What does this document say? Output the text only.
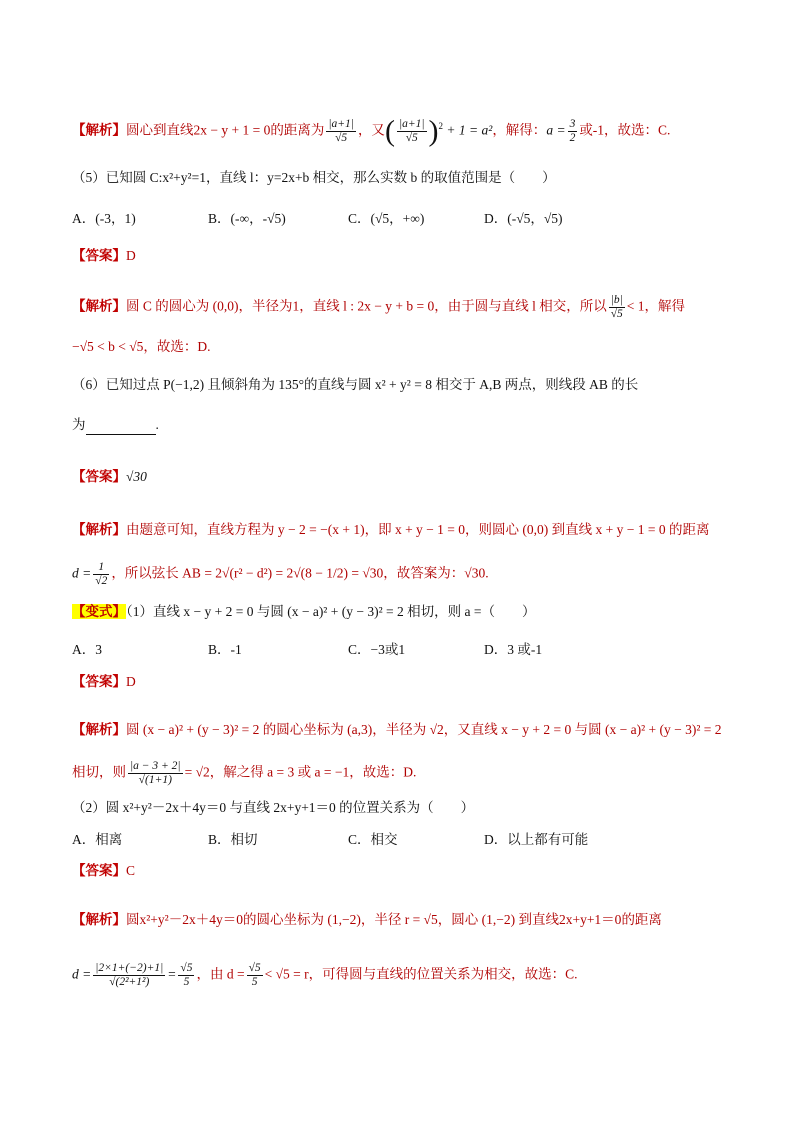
【解析】圆心到直线2x − y + 1 = 0的距离为 $\frac{|a+1|}{√5}$ ，又( $\frac{|a+1|}{√5} )^2 + 1 = a^2$，解得：$a = \frac{3}{2}$ 或-1，故选：C.
（5）已知圆 C:x²+y²=1，直线 l：y=2x+b 相交，那么实数 b 的取值范围是（　　）
A．(-3，1)	B．(-∞，-√5)	C．(√5，+∞)	D．(-√5，√5)
【答案】D
【解析】圆 C 的圆心为 (0,0)，半径为1，直线 l : 2x − y + b = 0，由于圆与直线 l 相交，所以 $\frac{|b|}{√5} < 1$，解得
−√5 < b < √5，故选：D.
（6）已知过点 P(−1,2) 且倾斜角为 135°的直线与圆 x² + y² = 8 相交于 A,B 两点，则线段 AB 的长
为	.
【答案】√30
【解析】由题意可知，直线方程为 y − 2 = −(x + 1)，即 x + y − 1 = 0，则圆心 (0,0) 到直线 x + y − 1 = 0 的距离
$d = \frac{1}{√2}$ ，所以弦长 AB = 2√(r² − d²) = 2√(8 − 1/2) = √30，故答案为：√30.
【变式】（1）直线 x − y + 2 = 0 与圆 (x − a)² + (y − 3)² = 2 相切，则 a =（　　）
A．3	B．-1	C．−3或1	D．3 或-1
【答案】D
【解析】圆 (x − a)² + (y − 3)² = 2 的圆心坐标为 (a,3)，半径为 √2，又直线 x − y + 2 = 0 与圆 (x − a)² + (y − 3)² = 2
相切，则 $\frac{|a - 3 + 2|}{√(1+1)} = √2$，解之得 a = 3 或 a = −1，故选：D.
（2）圆 x²+y²－2x＋4y＝0 与直线 2x+y+1＝0 的位置关系为（　　）
A．相离	B．相切	C．相交	D．以上都有可能
【答案】C
【解析】圆x²+y²－2x＋4y＝0的圆心坐标为 (1,−2)，半径 r = √5，圆心 (1,−2) 到直线2x+y+1＝0的距离
$d = \frac{|2\times 1+(-2)+1|}{\text{√(2²+1²)}} = \frac{√5}{5}$ ，由 $d = \frac{√5}{5} < √5 = r$，可得圆与直线的位置关系为相交，故选：C.
